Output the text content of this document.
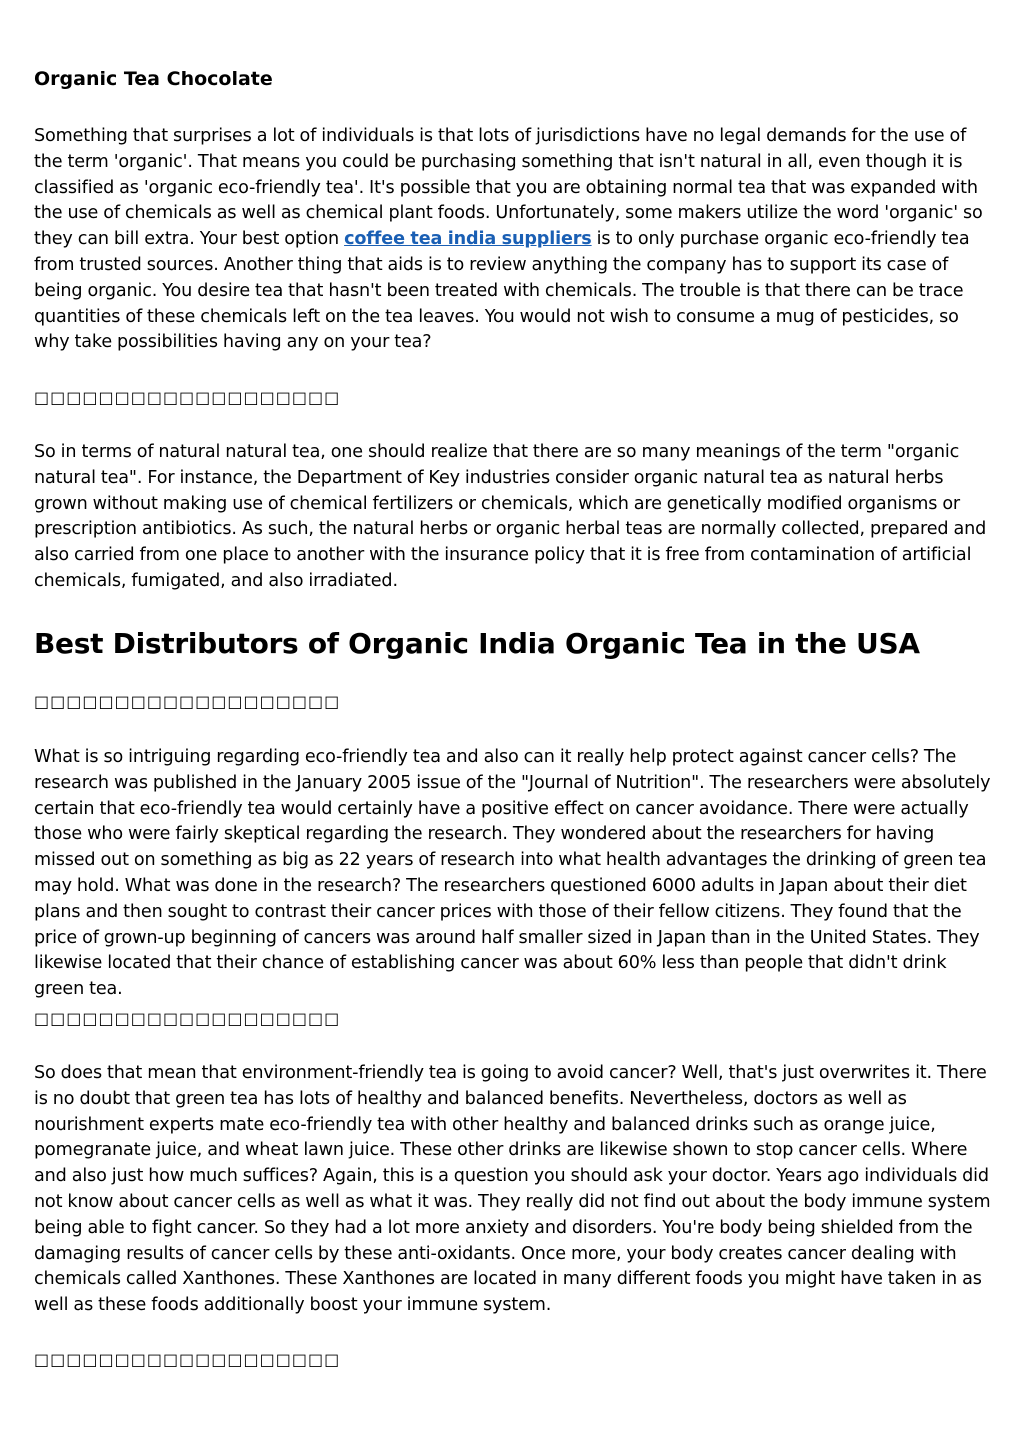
Organic Tea Chocolate

Something that surprises a lot of individuals is that lots of jurisdictions have no legal demands for the use of the term 'organic'. That means you could be purchasing something that isn't natural in all, even though it is classified as 'organic eco-friendly tea'. It's possible that you are obtaining normal tea that was expanded with the use of chemicals as well as chemical plant foods. Unfortunately, some makers utilize the word 'organic' so they can bill extra. Your best option coffee tea india suppliers is to only purchase organic eco-friendly tea from trusted sources. Another thing that aids is to review anything the company has to support its case of being organic. You desire tea that hasn't been treated with chemicals. The trouble is that there can be trace quantities of these chemicals left on the tea leaves. You would not wish to consume a mug of pesticides, so why take possibilities having any on your tea?

□□□□□□□□□□□□□□□□□□□

So in terms of natural natural tea, one should realize that there are so many meanings of the term "organic natural tea". For instance, the Department of Key industries consider organic natural tea as natural herbs grown without making use of chemical fertilizers or chemicals, which are genetically modified organisms or prescription antibiotics. As such, the natural herbs or organic herbal teas are normally collected, prepared and also carried from one place to another with the insurance policy that it is free from contamination of artificial chemicals, fumigated, and also irradiated.

Best Distributors of Organic India Organic Tea in the USA
□□□□□□□□□□□□□□□□□□□

What is so intriguing regarding eco-friendly tea and also can it really help protect against cancer cells? The research was published in the January 2005 issue of the "Journal of Nutrition". The researchers were absolutely certain that eco-friendly tea would certainly have a positive effect on cancer avoidance. There were actually those who were fairly skeptical regarding the research. They wondered about the researchers for having missed out on something as big as 22 years of research into what health advantages the drinking of green tea may hold. What was done in the research? The researchers questioned 6000 adults in Japan about their diet plans and then sought to contrast their cancer prices with those of their fellow citizens. They found that the price of grown-up beginning of cancers was around half smaller sized in Japan than in the United States. They likewise located that their chance of establishing cancer was about 60% less than people that didn't drink green tea.

□□□□□□□□□□□□□□□□□□□

So does that mean that environment-friendly tea is going to avoid cancer? Well, that's just overwrites it. There is no doubt that green tea has lots of healthy and balanced benefits. Nevertheless, doctors as well as nourishment experts mate eco-friendly tea with other healthy and balanced drinks such as orange juice, pomegranate juice, and wheat lawn juice. These other drinks are likewise shown to stop cancer cells. Where and also just how much suffices? Again, this is a question you should ask your doctor. Years ago individuals did not know about cancer cells as well as what it was. They really did not find out about the body immune system being able to fight cancer. So they had a lot more anxiety and disorders. You're body being shielded from the damaging results of cancer cells by these anti-oxidants. Once more, your body creates cancer dealing with chemicals called Xanthones. These Xanthones are located in many different foods you might have taken in as well as these foods additionally boost your immune system.

□□□□□□□□□□□□□□□□□□□
